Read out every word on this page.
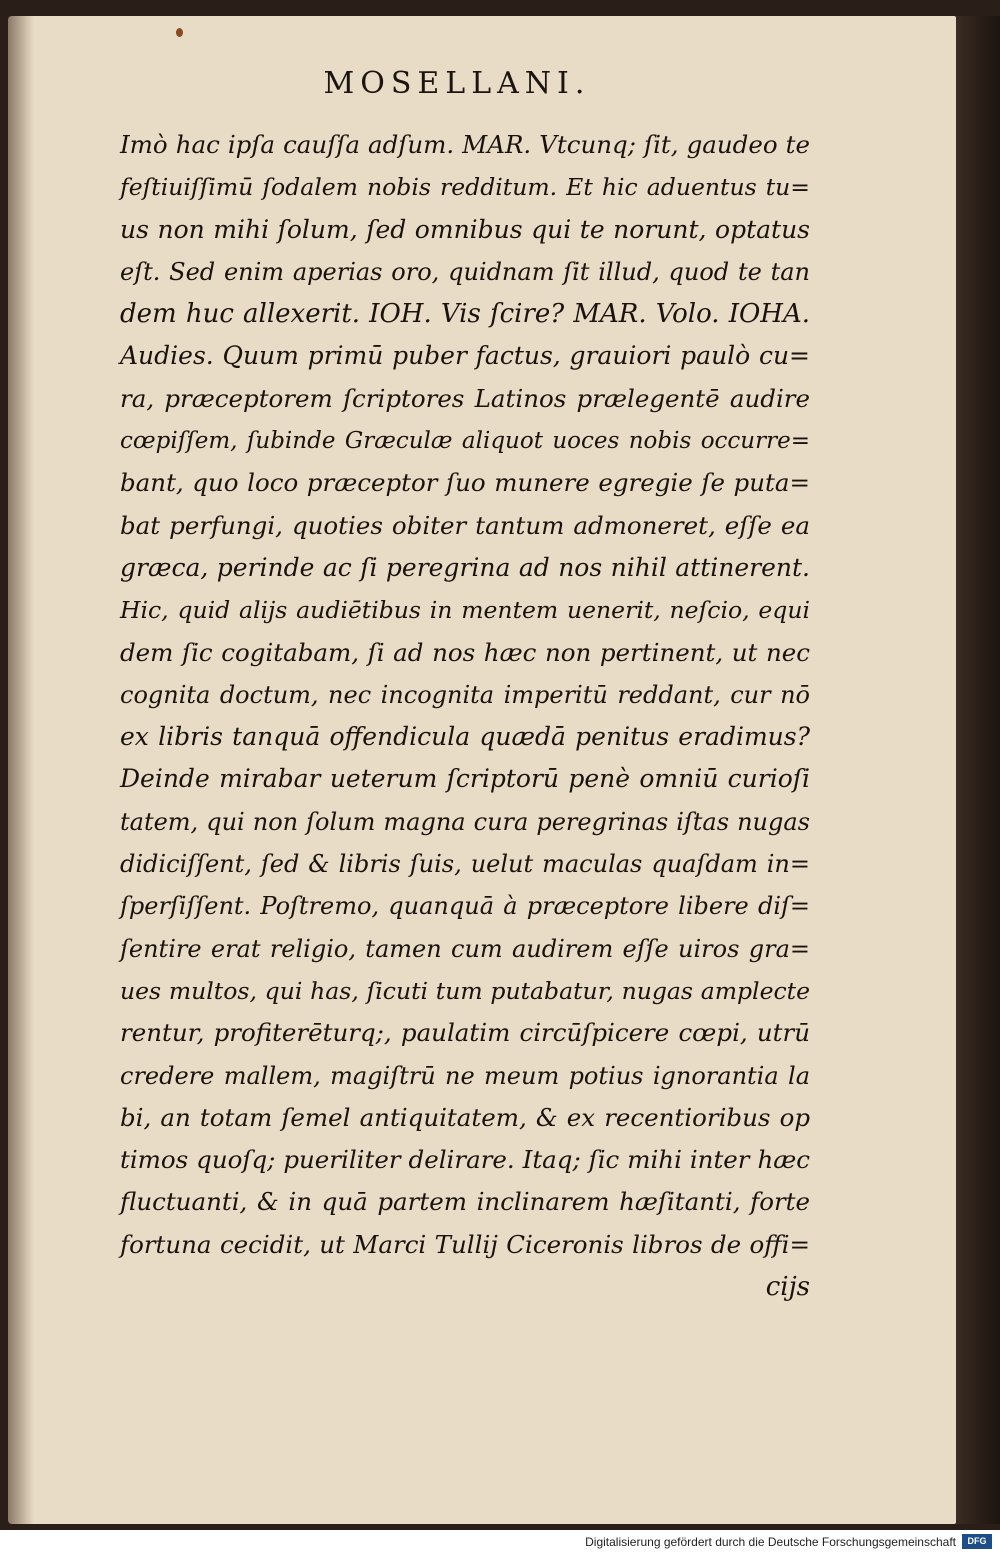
MOSELLANI.
Imò hac ipſa cauſſa adſum. MAR. Vtcunq; ſit, gaudeo te
feſtiuiſſimū ſodalem nobis redditum. Et hic aduentus tu=
us non mihi ſolum, ſed omnibus qui te norunt, optatus
eſt. Sed enim aperias oro, quidnam ſit illud, quod te tan
dem huc allexerit. IOH. Vis ſcire? MAR. Volo. IOHA.
Audies. Quum primū puber factus, grauiori paulò cu=
ra, præceptorem ſcriptores Latinos prælegentē audire
cœpiſſem, ſubinde Græculæ aliquot uoces nobis occurre=
bant, quo loco præceptor ſuo munere egregie ſe puta=
bat perfungi, quoties obiter tantum admoneret, eſſe ea
græca, perinde ac ſi peregrina ad nos nihil attinerent.
Hic, quid alijs audiētibus in mentem uenerit, neſcio, equi
dem ſic cogitabam, ſi ad nos hæc non pertinent, ut nec
cognita doctum, nec incognita imperitū reddant, cur nō
ex libris tanquā offendicula quædā penitus eradimus?
Deinde mirabar ueterum ſcriptorū penè omniū curioſi
tatem, qui non ſolum magna cura peregrinas iſtas nugas
didiciſſent, ſed & libris ſuis, uelut maculas quaſdam in=
ſperſiſſent. Poſtremo, quanquā à præceptore libere diſ=
ſentire erat religio, tamen cum audirem eſſe uiros gra=
ues multos, qui has, ſicuti tum putabatur, nugas amplecte
rentur, profiterēturq;, paulatim circūſpicere cœpi, utrū
credere mallem, magiſtrū ne meum potius ignorantia la
bi, an totam ſemel antiquitatem, & ex recentioribus op
timos quoſq; pueriliter delirare. Itaq; ſic mihi inter hæc
fluctuanti, & in quā partem inclinarem hæſitanti, forte
fortuna cecidit, ut Marci Tullij Ciceronis libros de offi=
cijs
Digitalisierung gefördert durch die Deutsche Forschungsgemeinschaft	DFG
